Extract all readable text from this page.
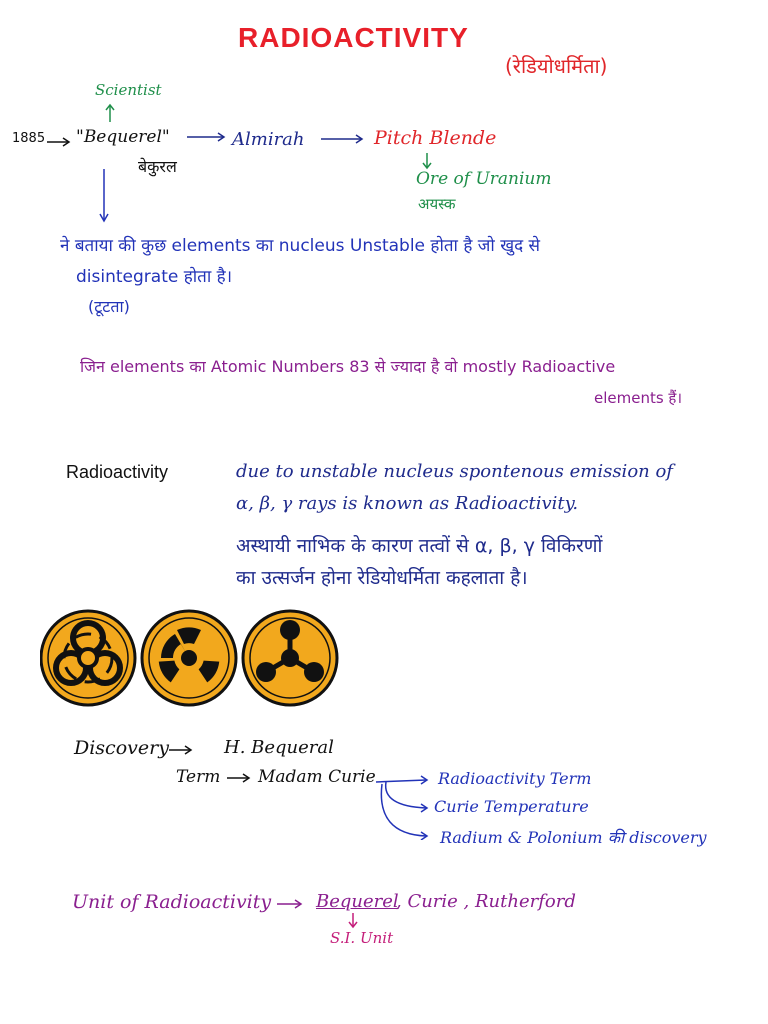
RADIOACTIVITY
(रेडियोधर्मिता)
Scientist
1885 "Bequerel"
बेकुरल
Almirah	Pitch Blende
Ore of Uranium
अयस्क
ने बताया की कुछ elements का nucleus Unstable होता है जो खुद से
disintegrate होता है।
(टूटता)
जिन elements का Atomic Numbers 83 से ज्यादा है वो mostly Radioactive
elements हैं।
Radioactivity	due to unstable nucleus spontenous emission of
α, β, γ rays is known as Radioactivity.
अस्थायी नाभिक के कारण तत्वों से α, β, γ विकिरणों
का उत्सर्जन होना रेडियोधर्मिता कहलाता है।
Discovery	H. Bequeral
Term Madam Curie	Radioactivity Term
Curie Temperature
Radium & Polonium की discovery
Unit of Radioactivity Bequerel
, Curie , Rutherford
S.I. Unit
